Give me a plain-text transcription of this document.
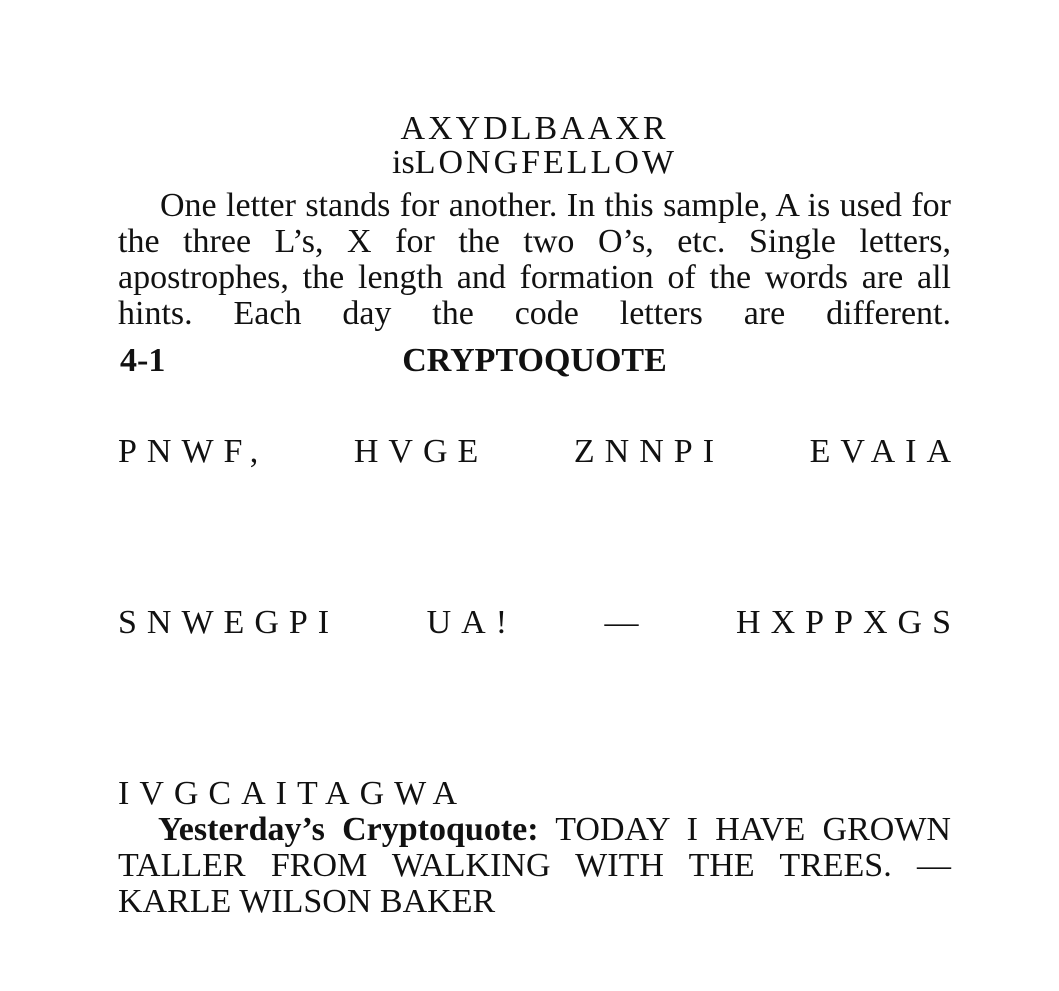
AXYDLBAAXR
isLONGFELLOW
One letter stands for another. In this sample, A is used for the three L’s, X for the two O’s, etc. Single letters, apostrophes, the length and formation of the words are all hints. Each day the code letters are different.
4-1	CRYPTOQUOTE
PNWF,	HVGE	ZNNPI	EVAIA
SNWEGPI	UA!	—	HXPPXGS
IVGCAITAGWA
Yesterday’s Cryptoquote: TODAY I HAVE GROWN TALLER FROM WALKING WITH THE TREES. — KARLE WILSON BAKER
